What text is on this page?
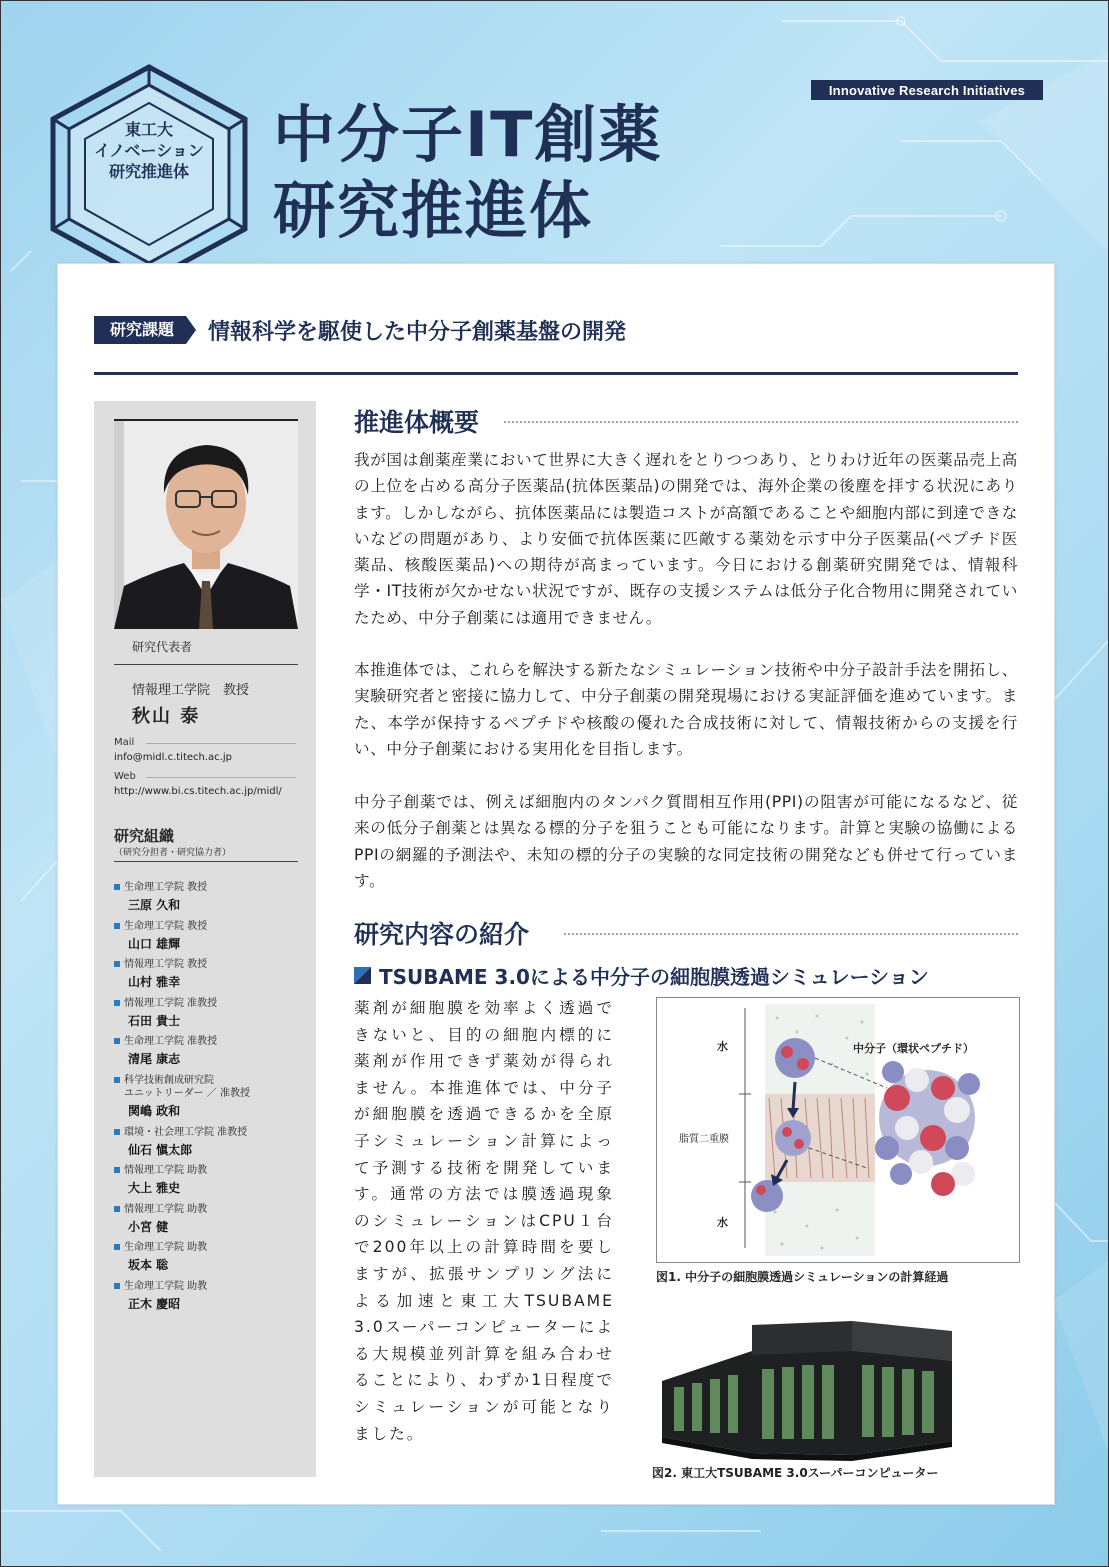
Innovative Research Initiatives
東工大
イノベーション
研究推進体
中分子IT創薬
研究推進体
研究課題	情報科学を駆使した中分子創薬基盤の開発
研究代表者
情報理工学院　教授
秋山 泰
Mail
info@midl.c.titech.ac.jp
Web
http://www.bi.cs.titech.ac.jp/midl/
研究組織
（研究分担者・研究協力者）
生命理工学院 教授
三原 久和
生命理工学院 教授
山口 雄輝
情報理工学院 教授
山村 雅幸
情報理工学院 准教授
石田 貴士
生命理工学院 准教授
清尾 康志
科学技術創成研究院
ユニットリーダー ／ 准教授
関嶋 政和
環境・社会理工学院 准教授
仙石 愼太郎
情報理工学院 助教
大上 雅史
情報理工学院 助教
小宮 健
生命理工学院 助教
坂本 聡
生命理工学院 助教
正木 慶昭
推進体概要

我が国は創薬産業において世界に大きく遅れをとりつつあり、とりわけ近年の医薬品売上高の上位を占める高分子医薬品(抗体医薬品)の開発では、海外企業の後塵を拝する状況にあります。しかしながら、抗体医薬品には製造コストが高額であることや細胞内部に到達できないなどの問題があり、より安価で抗体医薬に匹敵する薬効を示す中分子医薬品(ペプチド医薬品、核酸医薬品)への期待が高まっています。今日における創薬研究開発では、情報科学・IT技術が欠かせない状況ですが、既存の支援システムは低分子化合物用に開発されていたため、中分子創薬には適用できません。

本推進体では、これらを解決する新たなシミュレーション技術や中分子設計手法を開拓し、実験研究者と密接に協力して、中分子創薬の開発現場における実証評価を進めています。また、本学が保持するペプチドや核酸の優れた合成技術に対して、情報技術からの支援を行い、中分子創薬における実用化を目指します。

中分子創薬では、例えば細胞内のタンパク質間相互作用(PPI)の阻害が可能になるなど、従来の低分子創薬とは異なる標的分子を狙うことも可能になります。計算と実験の協働によるPPIの網羅的予測法や、未知の標的分子の実験的な同定技術の開発なども併せて行っています。

研究内容の紹介
TSUBAME 3.0による中分子の細胞膜透過シミュレーション
薬剤が細胞膜を効率よく透過できないと、目的の細胞内標的に薬剤が作用できず薬効が得られません。本推進体では、中分子が細胞膜を透過できるかを全原子シミュレーション計算によって予測する技術を開発しています。通常の方法では膜透過現象のシミュレーションはCPU１台で200年以上の計算時間を要しますが、拡張サンプリング法による加速と東工大TSUBAME 3.0スーパーコンピューターによる大規模並列計算を組み合わせることにより、わずか1日程度でシミュレーションが可能となりました。
水
脂質二重膜
水
中分子（環状ペプチド）
図1. 中分子の細胞膜透過シミュレーションの計算経過
図2. 東工大TSUBAME 3.0スーパーコンピューター
